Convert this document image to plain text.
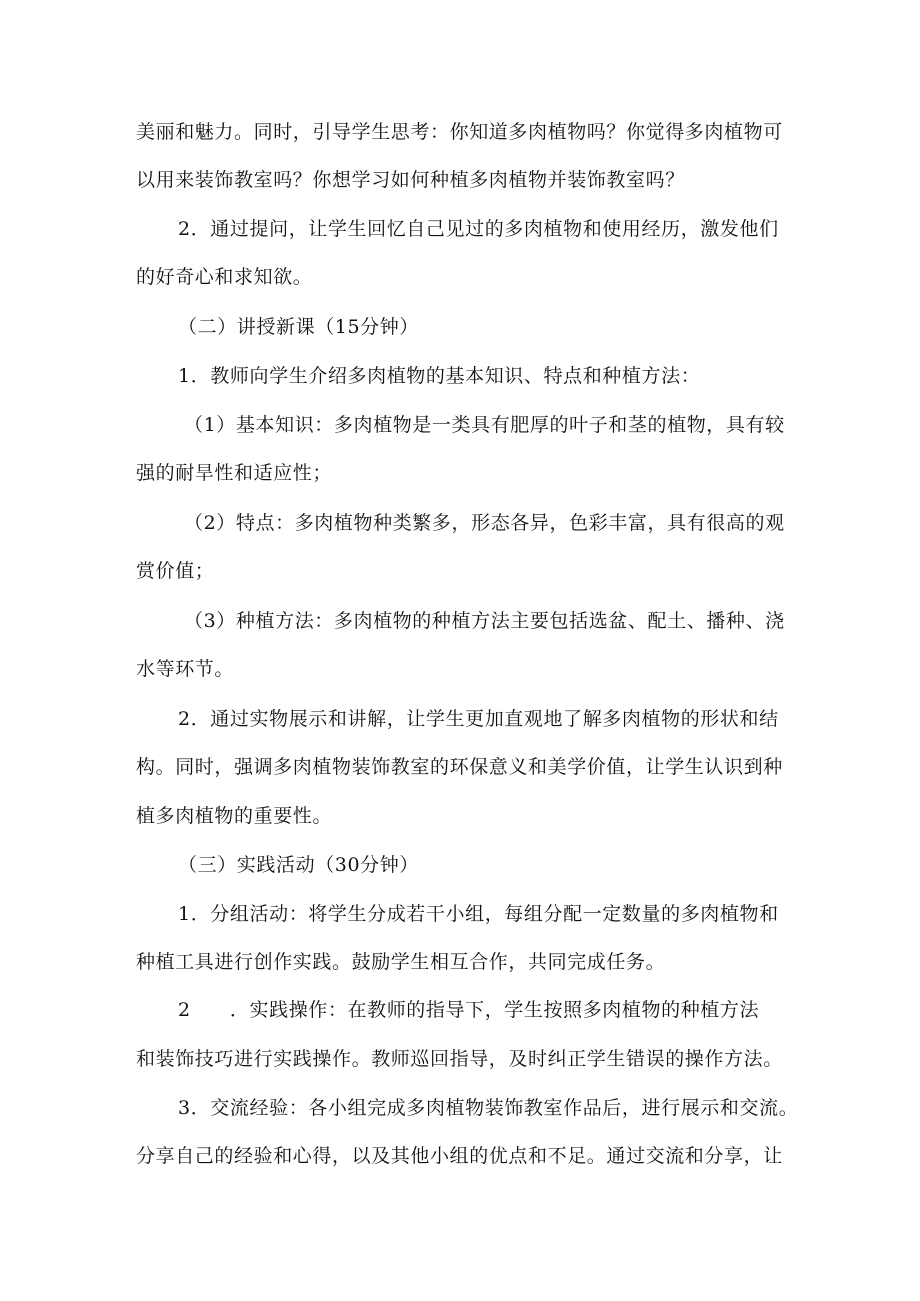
美丽和魅力。同时，引导学生思考：你知道多肉植物吗？你觉得多肉植物可
以用来装饰教室吗？你想学习如何种植多肉植物并装饰教室吗？
2．通过提问，让学生回忆自己见过的多肉植物和使用经历，激发他们
的好奇心和求知欲。
（二）讲授新课（15分钟）
1．教师向学生介绍多肉植物的基本知识、特点和种植方法：
（1）基本知识：多肉植物是一类具有肥厚的叶子和茎的植物，具有较
强的耐旱性和适应性；
（2）特点：多肉植物种类繁多，形态各异，色彩丰富，具有很高的观
赏价值；
（3）种植方法：多肉植物的种植方法主要包括选盆、配土、播种、浇
水等环节。
2．通过实物展示和讲解，让学生更加直观地了解多肉植物的形状和结
构。同时，强调多肉植物装饰教室的环保意义和美学价值，让学生认识到种
植多肉植物的重要性。
（三）实践活动（30分钟）
1．分组活动：将学生分成若干小组，每组分配一定数量的多肉植物和
种植工具进行创作实践。鼓励学生相互合作，共同完成任务。
2　　．实践操作：在教师的指导下，学生按照多肉植物的种植方法
和装饰技巧进行实践操作。教师巡回指导，及时纠正学生错误的操作方法。
3．交流经验：各小组完成多肉植物装饰教室作品后，进行展示和交流。
分享自己的经验和心得，以及其他小组的优点和不足。通过交流和分享，让
